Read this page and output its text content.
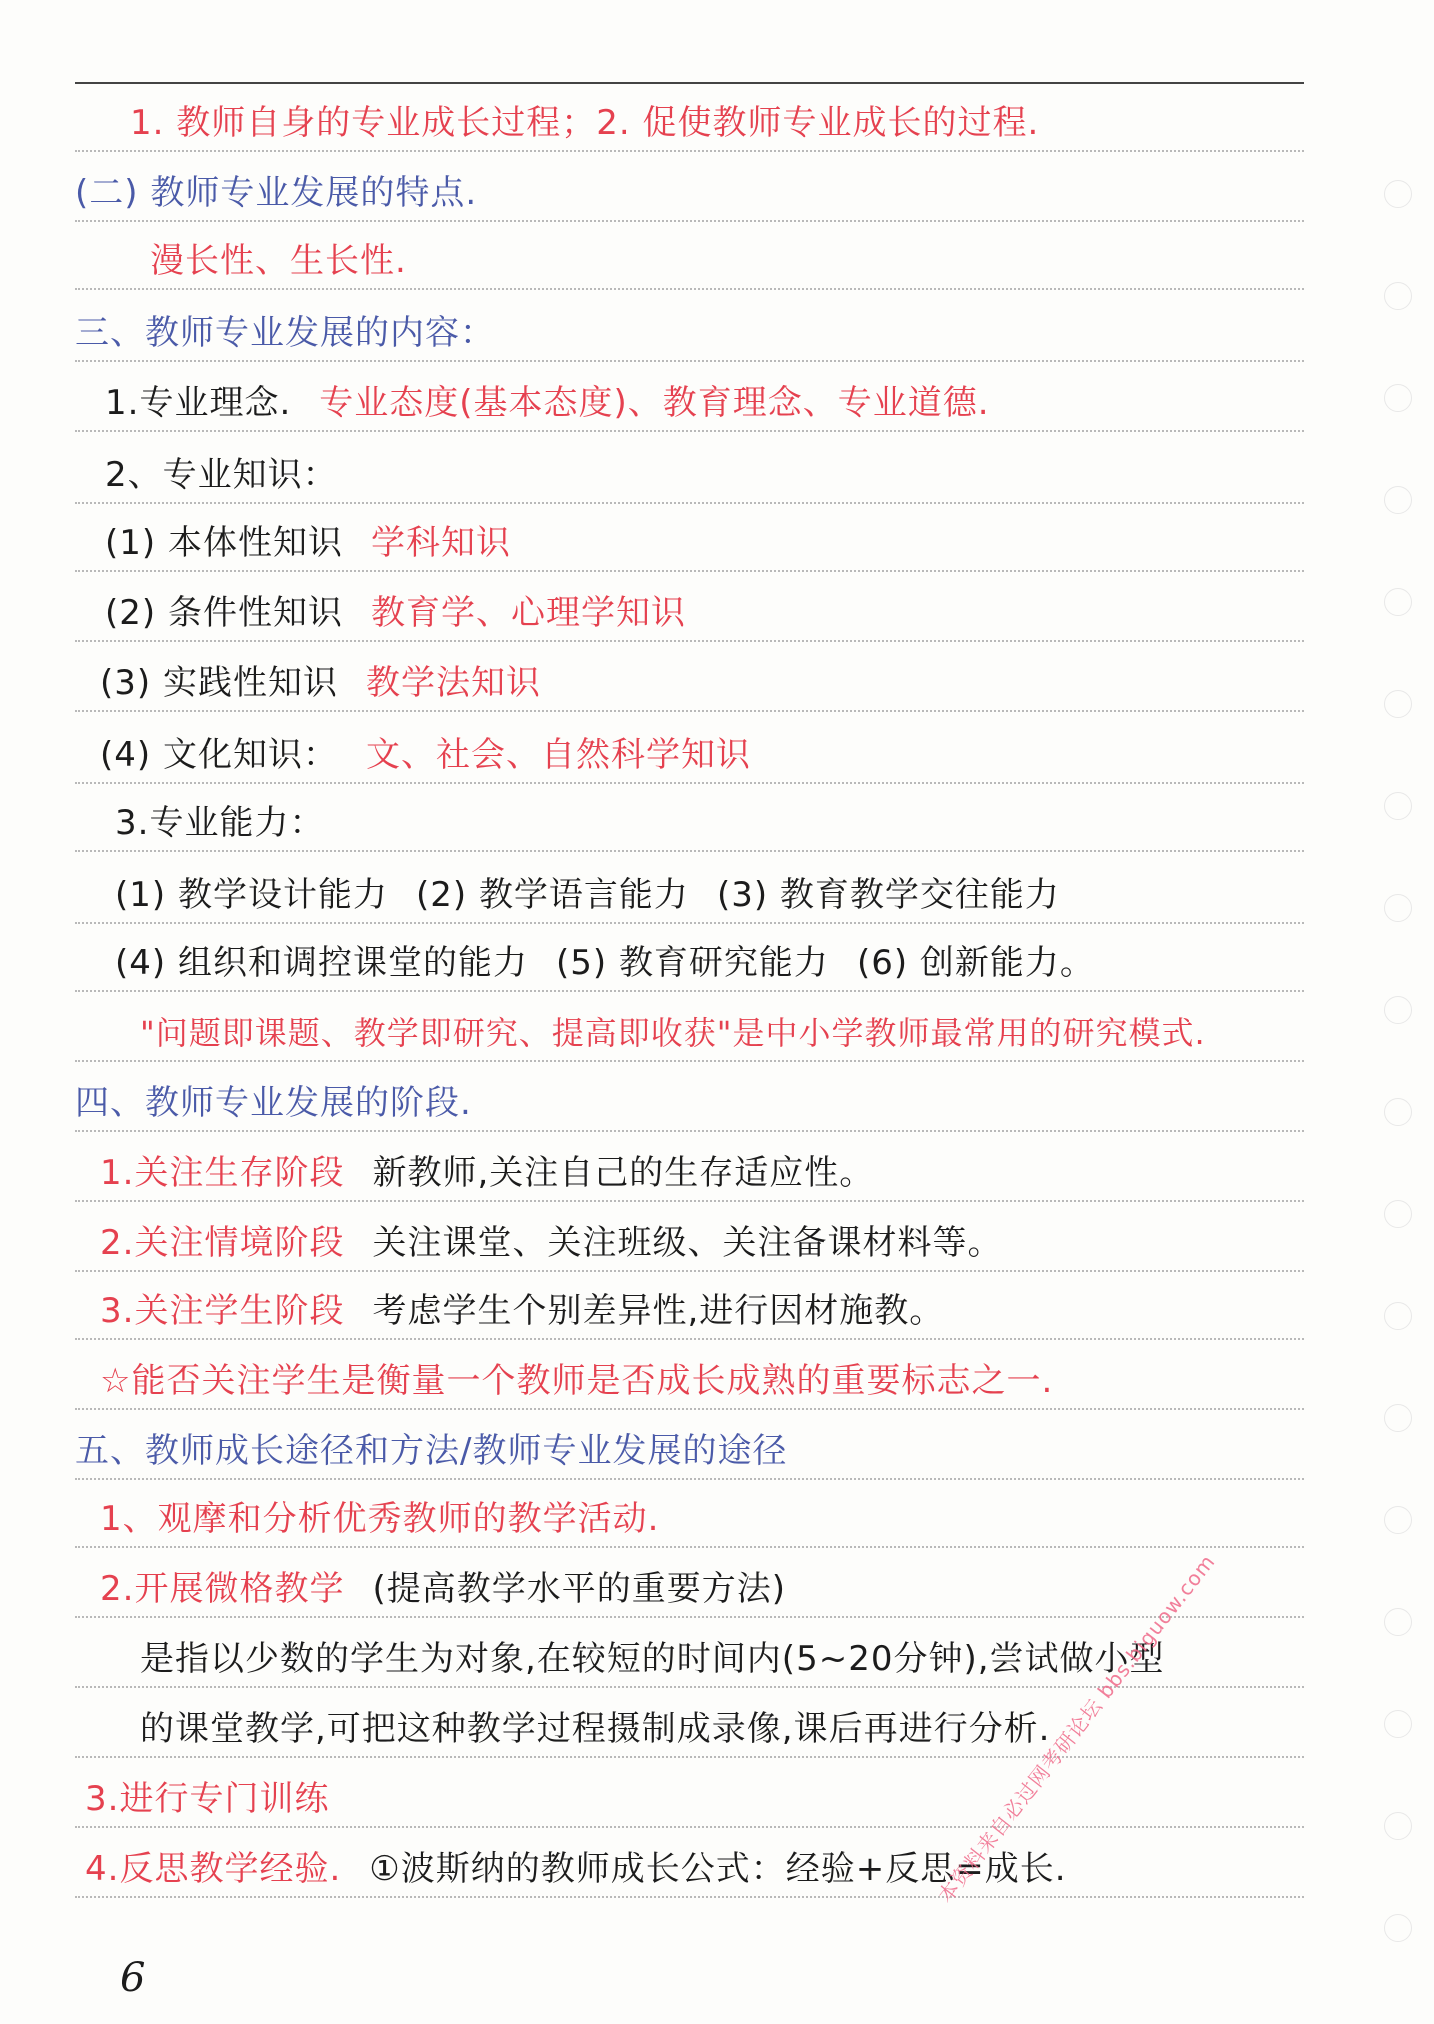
1. 教师自身的专业成长过程；2. 促使教师专业成长的过程.
(二) 教师专业发展的特点.
漫长性、生长性.
三、教师专业发展的内容：
1.专业理念. 专业态度(基本态度)、教育理念、专业道德.
2、专业知识：
(1) 本体性知识 学科知识
(2) 条件性知识 教育学、心理学知识
(3) 实践性知识 教学法知识
(4) 文化知识： 文、社会、自然科学知识
3.专业能力：
(1) 教学设计能力 (2) 教学语言能力 (3) 教育教学交往能力
(4) 组织和调控课堂的能力 (5) 教育研究能力 (6) 创新能力。
"问题即课题、教学即研究、提高即收获"是中小学教师最常用的研究模式.
四、教师专业发展的阶段.
1.关注生存阶段 新教师,关注自己的生存适应性。
2.关注情境阶段 关注课堂、关注班级、关注备课材料等。
3.关注学生阶段 考虑学生个别差异性,进行因材施教。
☆能否关注学生是衡量一个教师是否成长成熟的重要标志之一.
五、教师成长途径和方法/教师专业发展的途径
1、观摩和分析优秀教师的教学活动.
2.开展微格教学 (提高教学水平的重要方法)
是指以少数的学生为对象,在较短的时间内(5~20分钟),尝试做小型
的课堂教学,可把这种教学过程摄制成录像,课后再进行分析.
3.进行专门训练
4.反思教学经验. ①波斯纳的教师成长公式：经验+反思=成长.
6
本资料来自必过网考研论坛 bbs.biguow.com
